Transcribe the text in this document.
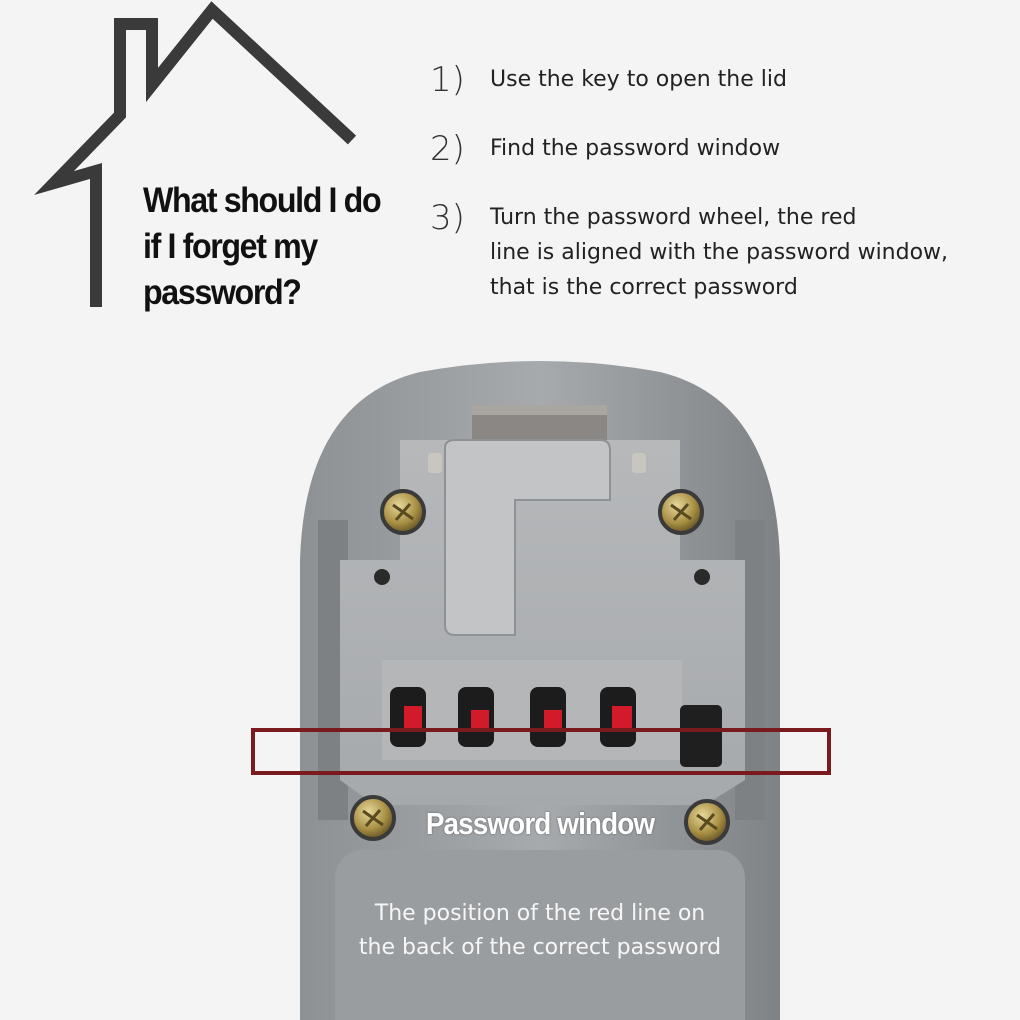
What should I do
if I forget my
password?
1) Use the key to open the lid
2) Find the password window
3) Turn the password wheel, the red
line is aligned with the password window,
that is the correct password
Password window
The position of the red line on
the back of the correct password
